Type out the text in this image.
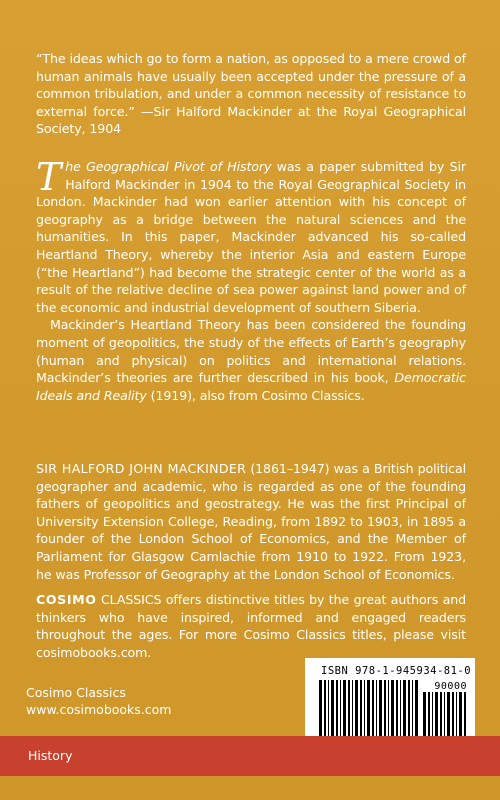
“The ideas which go to form a nation, as opposed to a mere crowd of human animals have usually been accepted under the pressure of a common tribulation, and under a common necessity of resistance to external force.” —Sir Halford Mackinder at the Royal Geographical Society, 1904

The Geographical Pivot of History was a paper submitted by Sir Halford Mackinder in 1904 to the Royal Geographical Society in London. Mackinder had won earlier attention with his concept of geography as a bridge between the natural sciences and the humanities. In this paper, Mackinder advanced his so-called Heartland Theory, whereby the interior Asia and eastern Europe (“the Heartland”) had become the strategic center of the world as a result of the relative decline of sea power against land power and of the economic and industrial development of southern Siberia.

Mackinder’s Heartland Theory has been considered the founding moment of geopolitics, the study of the effects of Earth’s geography (human and physical) on politics and international relations. Mackinder’s theories are further described in his book, Democratic Ideals and Reality (1919), also from Cosimo Classics.

SIR HALFORD JOHN MACKINDER (1861–1947) was a British political geographer and academic, who is regarded as one of the founding fathers of geopolitics and geostrategy. He was the first Principal of University Extension College, Reading, from 1892 to 1903, in 1895 a founder of the London School of Economics, and the Member of Parliament for Glasgow Camlachie from 1910 to 1922. From 1923, he was Professor of Geography at the London School of Economics.
COSIMO CLASSICS offers distinctive titles by the great authors and thinkers who have inspired, informed and engaged readers throughout the ages. For more Cosimo Classics titles, please visit cosimobooks.com.
Cosimo Classics
www.cosimobooks.com
ISBN 978-1-945934-81-0
90000
History
